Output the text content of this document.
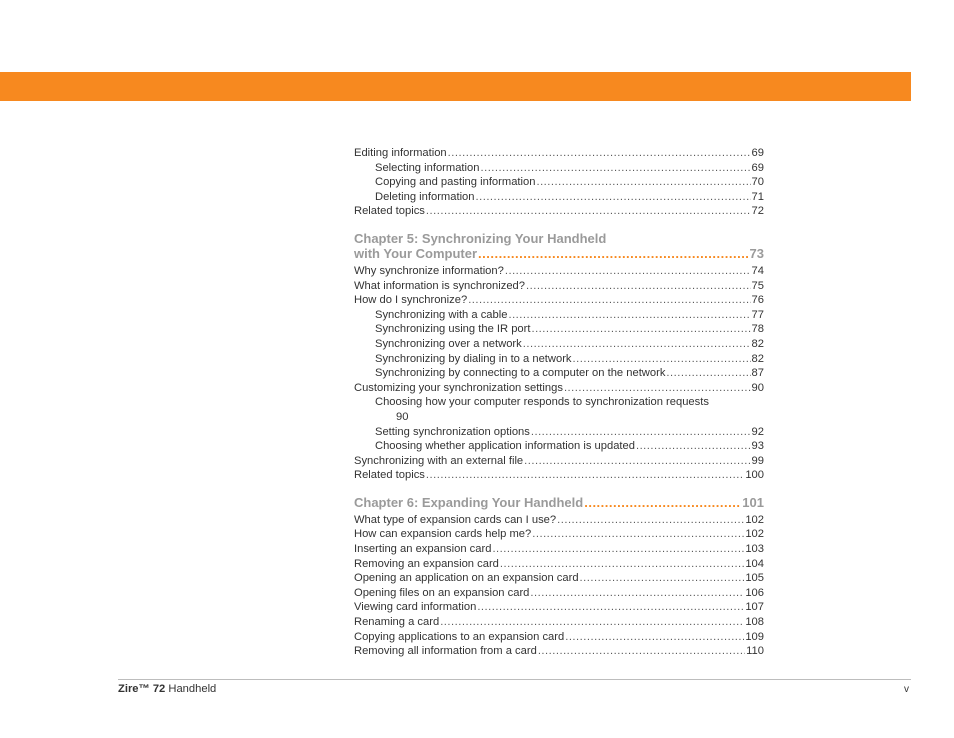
Editing information .....	69
Selecting information .....	69
Copying and pasting information .....	70
Deleting information .....	71
Related topics .....	72
Chapter 5: Synchronizing Your Handheld
with Your Computer .....	73
Why synchronize information? .....	74
What information is synchronized? .....	75
How do I synchronize? .....	76
Synchronizing with a cable .....	77
Synchronizing using the IR port .....	78
Synchronizing over a network .....	82
Synchronizing by dialing in to a network .....	82
Synchronizing by connecting to a computer on the network .....	87
Customizing your synchronization settings .....	90
Choosing how your computer responds to synchronization requests
90
Setting synchronization options .....	92
Choosing whether application information is updated .....	93
Synchronizing with an external file .....	99
Related topics .....	100
Chapter 6: Expanding Your Handheld .....	101
What type of expansion cards can I use? .....	102
How can expansion cards help me? .....	102
Inserting an expansion card .....	103
Removing an expansion card .....	104
Opening an application on an expansion card .....	105
Opening files on an expansion card .....	106
Viewing card information .....	107
Renaming a card .....	108
Copying applications to an expansion card .....	109
Removing all information from a card .....	110
Zire™ 72 Handheld	v
